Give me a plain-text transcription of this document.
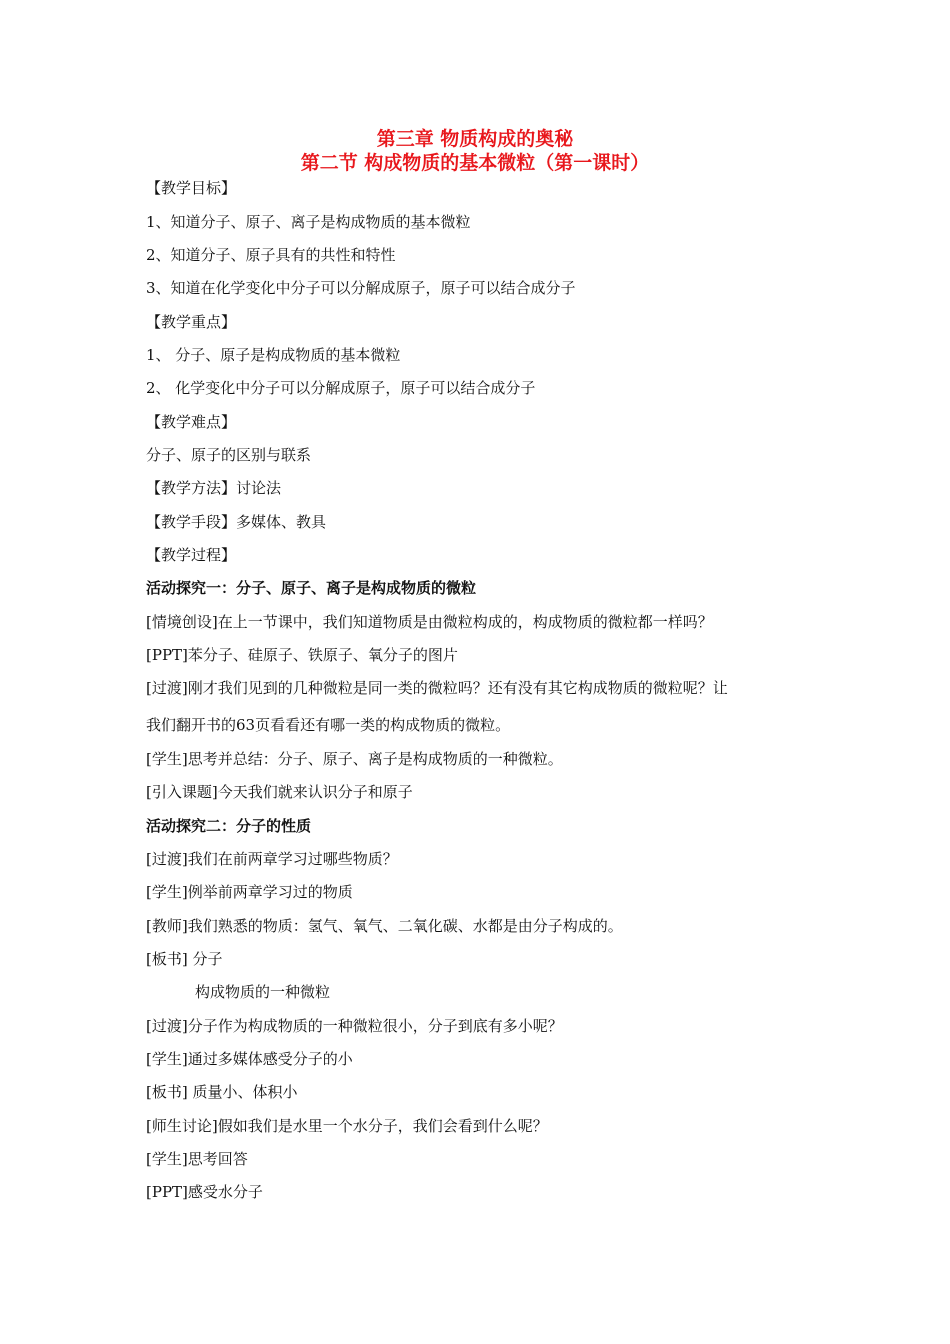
第三章 物质构成的奥秘
第二节 构成物质的基本微粒（第一课时）
【教学目标】
1、知道分子、原子、离子是构成物质的基本微粒
2、知道分子、原子具有的共性和特性
3、知道在化学变化中分子可以分解成原子，原子可以结合成分子
【教学重点】
1、 分子、原子是构成物质的基本微粒
2、 化学变化中分子可以分解成原子，原子可以结合成分子
【教学难点】
分子、原子的区别与联系
【教学方法】讨论法
【教学手段】多媒体、教具
【教学过程】
活动探究一：分子、原子、离子是构成物质的微粒
[情境创设]在上一节课中，我们知道物质是由微粒构成的，构成物质的微粒都一样吗？
[PPT]苯分子、硅原子、铁原子、氧分子的图片
[过渡]刚才我们见到的几种微粒是同一类的微粒吗？还有没有其它构成物质的微粒呢？让
我们翻开书的63页看看还有哪一类的构成物质的微粒。
[学生]思考并总结：分子、原子、离子是构成物质的一种微粒。
[引入课题]今天我们就来认识分子和原子
活动探究二：分子的性质
[过渡]我们在前两章学习过哪些物质？
[学生]例举前两章学习过的物质
[教师]我们熟悉的物质：氢气、氧气、二氧化碳、水都是由分子构成的。
[板书] 分子
构成物质的一种微粒
[过渡]分子作为构成物质的一种微粒很小，分子到底有多小呢？
[学生]通过多媒体感受分子的小
[板书] 质量小、体积小
[师生讨论]假如我们是水里一个水分子，我们会看到什么呢？
[学生]思考回答
[PPT]感受水分子
